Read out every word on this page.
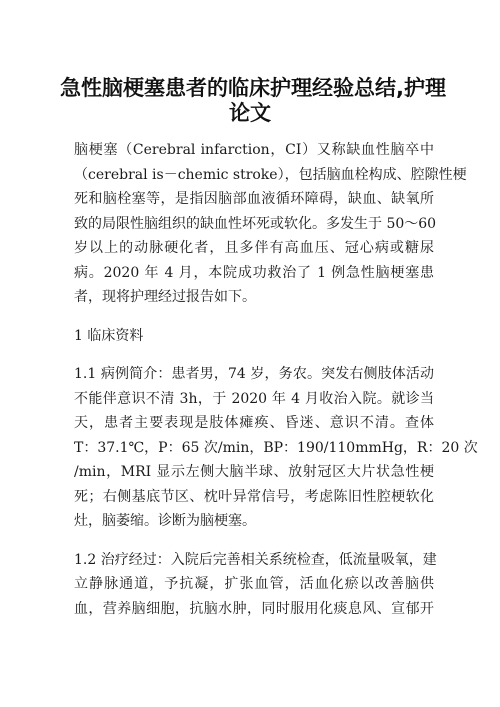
急性脑梗塞患者的临床护理经验总结,护理
论文
脑梗塞（Cerebral infarction，CI）又称缺血性脑卒中
（cerebral is－chemic stroke），包括脑血栓构成、腔隙性梗
死和脑栓塞等，是指因脑部血液循环障碍，缺血、缺氧所
致的局限性脑组织的缺血性坏死或软化。多发生于 50～60
岁以上的动脉硬化者，且多伴有高血压、冠心病或糖尿
病。2020 年 4 月，本院成功救治了 1 例急性脑梗塞患
者，现将护理经过报告如下。
1 临床资料
1.1 病例简介：患者男，74 岁，务农。突发右侧肢体活动
不能伴意识不清 3h，于 2020 年 4 月收治入院。就诊当
天，患者主要表现是肢体瘫痪、昏迷、意识不清。查体
T：37.1℃，P：65 次/min，BP：190/110mmHg，R：20 次
/min，MRI 显示左侧大脑半球、放射冠区大片状急性梗
死；右侧基底节区、枕叶异常信号，考虑陈旧性腔梗软化
灶，脑萎缩。诊断为脑梗塞。
1.2 治疗经过：入院后完善相关系统检查，低流量吸氧，建
立静脉通道，予抗凝，扩张血管，活血化瘀以改善脑供
血，营养脑细胞，抗脑水肿，同时服用化痰息风、宣郁开
